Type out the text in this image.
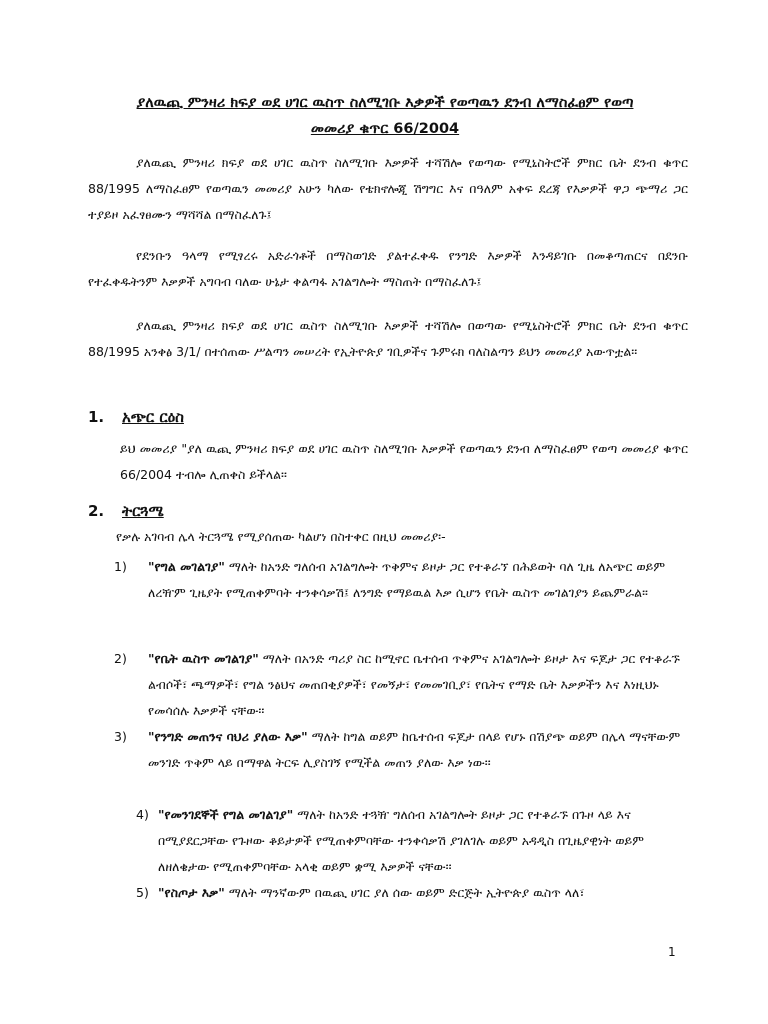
ያለዉጪ ምንዛሪ ክፍያ ወደ ሀገር ዉስጥ ስለሚገቡ እቃዎች የወጣዉን ደንብ ለማስፈፀም የወጣ
መመሪያ ቁጥር 66/2004
ያለዉጪ ምንዛሪ ክፍያ ወደ ሀገር ዉስጥ ስለሚገቡ እቃዎች ተሻሽሎ የወጣው የሚኒስትሮች ምክር ቤት ደንብ ቁጥር 88/1995 ለማስፈፀም የወጣዉን መመሪያ አሁን ካለው የቴክኖሎጂ ሽግግር እና በዓለም አቀፍ ደረጃ የእቃዎች ዋጋ ጭማሪ ጋር ተያይዞ አፈፃፀሙን ማሻሻል በማስፈለጉ፤
የደንቡን ዓላማ የሚፃረሩ አድራጎቶች በማስወገድ ያልተፈቀዱ የንግድ እቃዎች እንዳይገቡ በመቆጣጠርና በደንቡ የተፈቀዱትንም እቃዎች አግባብ ባለው ሁኔታ ቀልጣፋ አገልግሎት ማስጠት በማስፈለጉ፤
ያለዉጪ ምንዛሪ ክፍያ ወደ ሀገር ዉስጥ ስለሚገቡ እቃዎች ተሻሽሎ በወጣው የሚኒስትሮች ምክር ቤት ደንብ ቁጥር 88/1995 አንቀፅ 3/1/ በተሰጠው ሥልጣን መሠረት የኢትዮጵያ ገቢዎችና ጉምሩክ ባለስልጣን ይህን መመሪያ አውጥቷል፡፡
1. አጭር ርዕስ
ይህ መመሪያ "ያለ ዉጪ ምንዛሪ ክፍያ ወደ ሀገር ዉስጥ ስለሚገቡ እቃዎች የወጣዉን ደንብ ለማስፈፀም የወጣ መመሪያ ቁጥር 66/2004 ተብሎ ሊጠቀስ ይችላል፡፡
2. ትርጓሜ
የቃሉ አገባብ ሌላ ትርጓሜ የሚያሰጠው ካልሆነ በስተቀር በዚህ መመሪያ፡-
1) "የግል መገልገያ" ማለት ከአንድ ግለሰብ አገልግሎት ጥቅምና ይዞታ ጋር የተቆራኘ በሕይወት ባለ ጊዜ ለአጭር ወይም ለረዥም ጊዜያት የሚጠቀምባት ተንቀሳቃሽ፤ ለንግድ የማይዉል እቃ ሲሆን የቤት ዉስጥ መገልገያን ይጨምራል፡፡
2) "የቤት ዉስጥ መገልገያ" ማለት በአንድ ጣሪያ ስር ከሚኖር ቤተሰብ ጥቅምና አገልግሎት ይዞታ እና ፍጆታ ጋር የተቆራኙ ልብሶች፣ ጫማዎች፣ የግል ንፅህና መጠበቂያዎች፣ የመኝታ፣ የመመገቢያ፣ የቤትና የማድ ቤት እቃዎችን እና እነዚህኑ የመሳሰሉ እቃዎች ናቸው፡፡
3) "የንግድ መጠንና ባህሪ ያለው እቃ" ማለት ከግል ወይም ከቤተሰብ ፍጆታ በላይ የሆኑ በሽያጭ ወይም በሌላ ማናቸውም መንገድ ጥቅም ላይ በማዋል ትርፍ ሊያስገኝ የሚችል መጠን ያለው እቃ ነው፡፡
4) "የመንገደኞች የግል መገልገያ" ማለት ከአንድ ተጓዥ ግለሰብ አገልግሎት ይዞታ ጋር የተቆራኙ በጉዞ ላይ እና በሚያደርጋቸው የጉዞው ቆይታዎች የሚጠቀምባቸው ተንቀሳቃሽ ያገለገሉ ወይም አዳዲስ በጊዜያዊነት ወይም ለዘለቄታው የሚጠቀምባቸው አላቂ ወይም ቋሚ እቃዎች ናቸው፡፡
5) "የስጦታ እቃ" ማለት ማንኛውም በዉጪ ሀገር ያለ ሰው ወይም ድርጅት ኢትዮጵያ ዉስጥ ላለ፣
1
